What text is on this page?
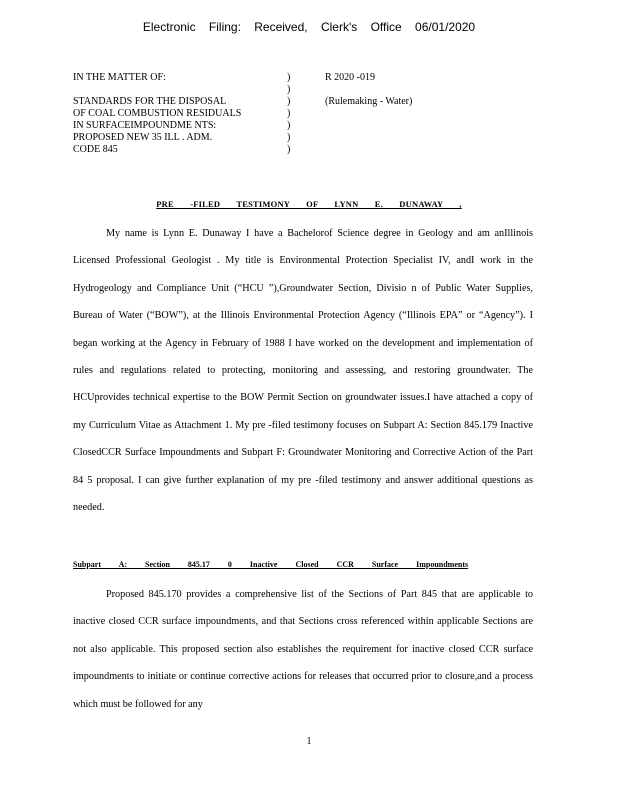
Electronic Filing: Received, Clerk's Office 06/01/2020
IN THE MATTER OF:
STANDARDS FOR THE DISPOSAL
OF COAL COMBUSTION RESIDUALS
IN SURFACEIMPOUNDME NTS:
PROPOSED NEW 35 ILL . ADM.
CODE 845
)
)
)
)
)
)
)
R 2020 -019
(Rulemaking - Water)
PRE -FILED TESTIMONY OF LYNN E. DUNAWAY ,
My name is Lynn E. Dunaway I have a Bachelorof Science degree in Geology and am anIllinois Licensed Professional Geologist . My title is Environmental Protection Specialist IV, andI work in the Hydrogeology and Compliance Unit (“HCU ”),Groundwater Section, Divisio n of Public Water Supplies, Bureau of Water (“BOW”), at the Illinois Environmental Protection Agency (“Illinois EPA” or “Agency”). I began working at the Agency in February of 1988 I have worked on the development and implementation of rules and regulations related to protecting, monitoring and assessing, and restoring groundwater. The HCUprovides technical expertise to the BOW Permit Section on groundwater issues.I have attached a copy of my Curriculum Vitae as Attachment 1. My pre -filed testimony focuses on Subpart A: Section 845.179 Inactive ClosedCCR Surface Impoundments and Subpart F: Groundwater Monitoring and Corrective Action of the Part 84 5 proposal. I can give further explanation of my pre -filed testimony and answer additional questions as needed.
Subpart A: Section 845.17 0 Inactive Closed CCR Surface Impoundments
Proposed 845.170 provides a comprehensive list of the Sections of Part 845 that are applicable to inactive closed CCR surface impoundments, and that Sections cross referenced within applicable Sections are not also applicable. This proposed section also establishes the requirement for inactive closed CCR surface impoundments to initiate or continue corrective actions for releases that occurred prior to closure,and a process which must be followed for any
1
